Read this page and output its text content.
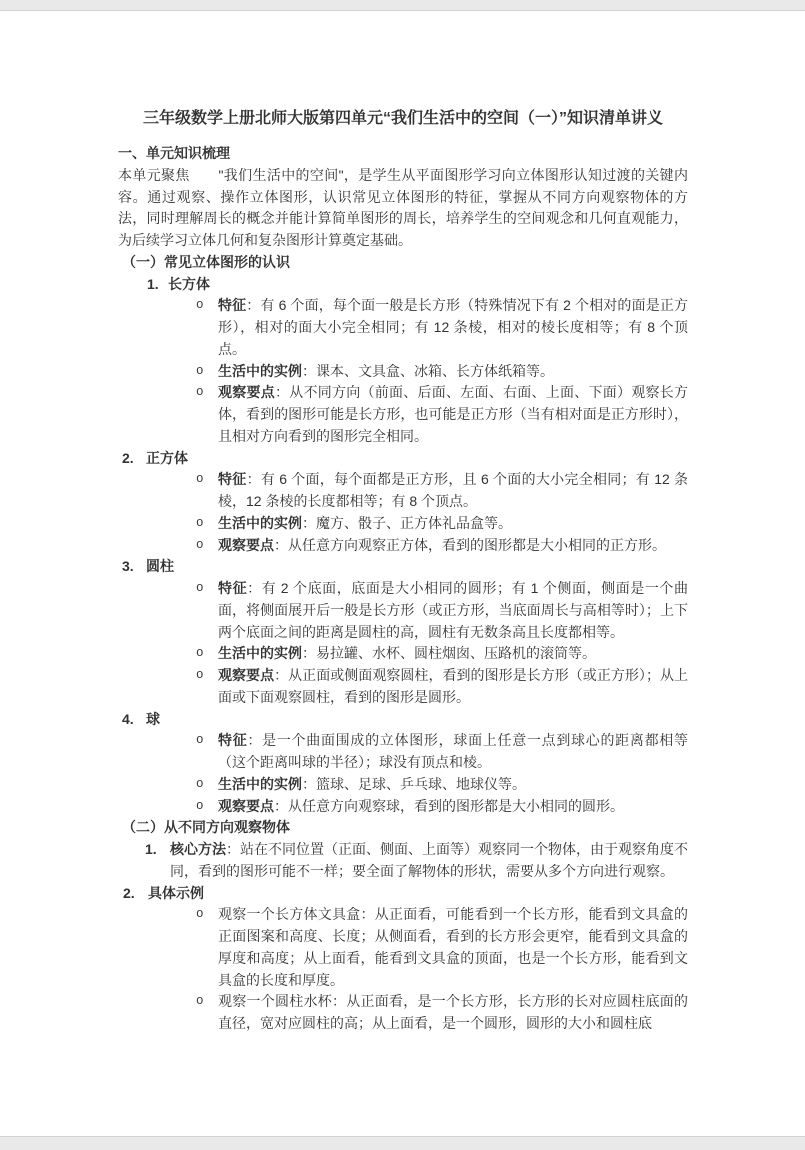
三年级数学上册北师大版第四单元“我们生活中的空间（一）”知识清单讲义
一、单元知识梳理
本单元聚焦　　"我们生活中的空间"，是学生从平面图形学习向立体图形认知过渡的关键内容。通过观察、操作立体图形，认识常见立体图形的特征，掌握从不同方向观察物体的方法，同时理解周长的概念并能计算简单图形的周长，培养学生的空间观念和几何直观能力，为后续学习立体几何和复杂图形计算奠定基础。
（一）常见立体图形的认识
1. 长方体
o 特征：有 6 个面，每个面一般是长方形（特殊情况下有 2 个相对的面是正方形），相对的面大小完全相同；有 12 条棱，相对的棱长度相等；有 8 个顶点。
o 生活中的实例：课本、文具盒、冰箱、长方体纸箱等。
o 观察要点：从不同方向（前面、后面、左面、右面、上面、下面）观察长方体，看到的图形可能是长方形，也可能是正方形（当有相对面是正方形时），且相对方向看到的图形完全相同。
2. 正方体
o 特征：有 6 个面，每个面都是正方形，且 6 个面的大小完全相同；有 12 条棱，12 条棱的长度都相等；有 8 个顶点。
o 生活中的实例：魔方、骰子、正方体礼品盒等。
o 观察要点：从任意方向观察正方体，看到的图形都是大小相同的正方形。
3. 圆柱
o 特征：有 2 个底面，底面是大小相同的圆形；有 1 个侧面，侧面是一个曲面，将侧面展开后一般是长方形（或正方形，当底面周长与高相等时）；上下两个底面之间的距离是圆柱的高，圆柱有无数条高且长度都相等。
o 生活中的实例：易拉罐、水杯、圆柱烟囱、压路机的滚筒等。
o 观察要点：从正面或侧面观察圆柱，看到的图形是长方形（或正方形）；从上面或下面观察圆柱，看到的图形是圆形。
4. 球
o 特征：是一个曲面围成的立体图形，球面上任意一点到球心的距离都相等（这个距离叫球的半径）；球没有顶点和棱。
o 生活中的实例：篮球、足球、乒乓球、地球仪等。
o 观察要点：从任意方向观察球，看到的图形都是大小相同的圆形。
（二）从不同方向观察物体
1. 核心方法：站在不同位置（正面、侧面、上面等）观察同一个物体，由于观察角度不同，看到的图形可能不一样；要全面了解物体的形状，需要从多个方向进行观察。
2. 具体示例
o 观察一个长方体文具盒：从正面看，可能看到一个长方形，能看到文具盒的正面图案和高度、长度；从侧面看，看到的长方形会更窄，能看到文具盒的厚度和高度；从上面看，能看到文具盒的顶面，也是一个长方形，能看到文具盒的长度和厚度。
o 观察一个圆柱水杯：从正面看，是一个长方形，长方形的长对应圆柱底面的直径，宽对应圆柱的高；从上面看，是一个圆形，圆形的大小和圆柱底
